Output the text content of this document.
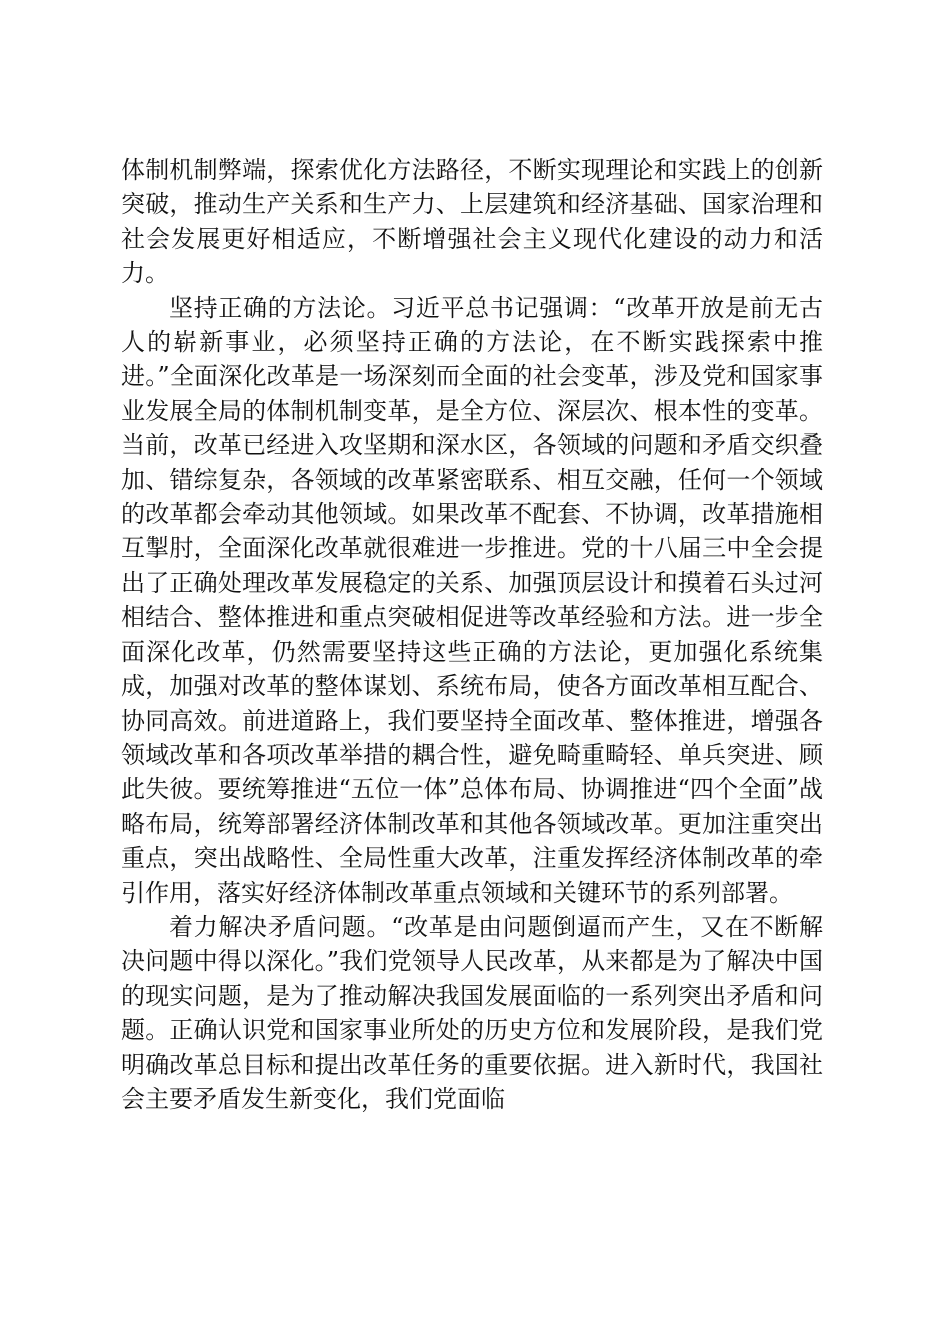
体制机制弊端，探索优化方法路径，不断实现理论和实践上的创新突破，推动生产关系和生产力、上层建筑和经济基础、国家治理和社会发展更好相适应，不断增强社会主义现代化建设的动力和活力。

坚持正确的方法论。习近平总书记强调：“改革开放是前无古人的崭新事业，必须坚持正确的方法论，在不断实践探索中推进。”全面深化改革是一场深刻而全面的社会变革，涉及党和国家事业发展全局的体制机制变革，是全方位、深层次、根本性的变革。当前，改革已经进入攻坚期和深水区，各领域的问题和矛盾交织叠加、错综复杂，各领域的改革紧密联系、相互交融，任何一个领域的改革都会牵动其他领域。如果改革不配套、不协调，改革措施相互掣肘，全面深化改革就很难进一步推进。党的十八届三中全会提出了正确处理改革发展稳定的关系、加强顶层设计和摸着石头过河相结合、整体推进和重点突破相促进等改革经验和方法。进一步全面深化改革，仍然需要坚持这些正确的方法论，更加强化系统集成，加强对改革的整体谋划、系统布局，使各方面改革相互配合、协同高效。前进道路上，我们要坚持全面改革、整体推进，增强各领域改革和各项改革举措的耦合性，避免畸重畸轻、单兵突进、顾此失彼。要统筹推进“五位一体”总体布局、协调推进“四个全面”战略布局，统筹部署经济体制改革和其他各领域改革。更加注重突出重点，突出战略性、全局性重大改革，注重发挥经济体制改革的牵引作用，落实好经济体制改革重点领域和关键环节的系列部署。

着力解决矛盾问题。“改革是由问题倒逼而产生，又在不断解决问题中得以深化。”我们党领导人民改革，从来都是为了解决中国的现实问题，是为了推动解决我国发展面临的一系列突出矛盾和问题。正确认识党和国家事业所处的历史方位和发展阶段，是我们党明确改革总目标和提出改革任务的重要依据。进入新时代，我国社会主要矛盾发生新变化，我们党面临
